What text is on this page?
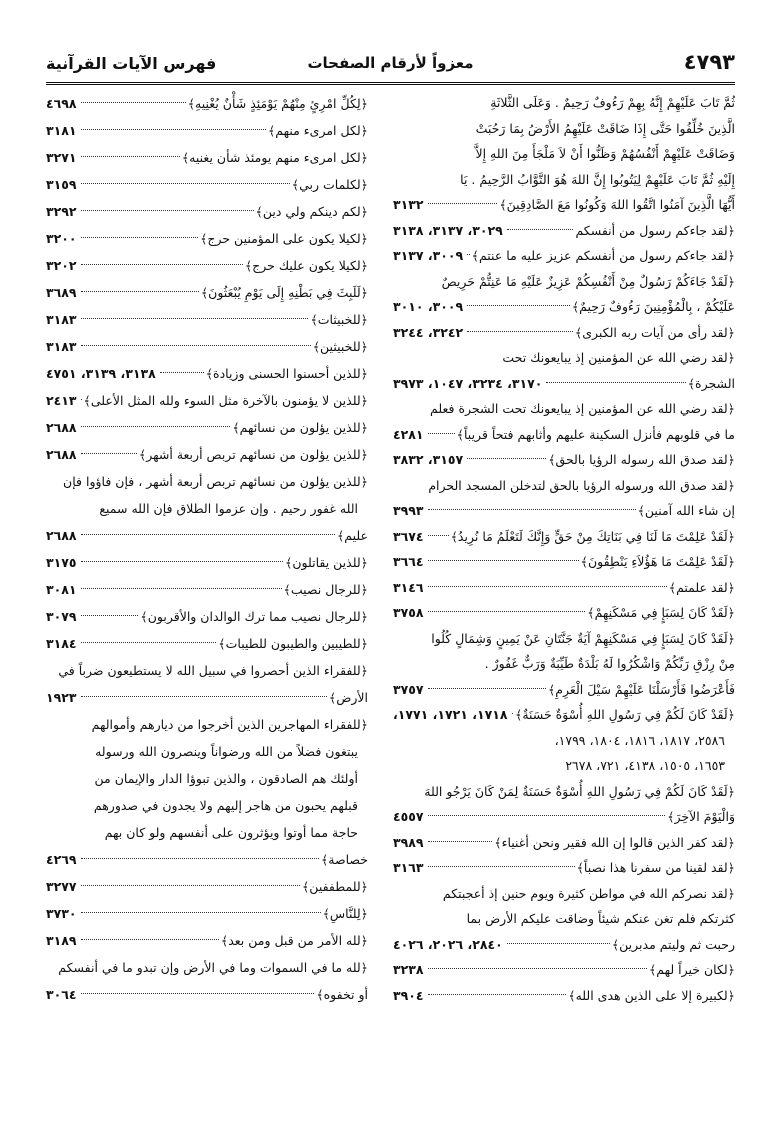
٤٧٩٣
معزواً لأرقام الصفحات
فهرس الآيات القرآنية
ثُمَّ تَابَ عَلَيْهِمْ إِنَّهُ بِهِمْ رَءُوفٌ رَحِيمٌ . وَعَلَى الثَّلاثَةِ
الَّذِينَ خُلِّفُوا حَتَّى إِذَا ضَاقَتْ عَلَيْهِمُ الأَرْضُ بِمَا رَحُبَتْ
وَضَاقَتْ عَلَيْهِمْ أَنْفُسُهُمْ وَظَنُّوا أَنْ لاَ مَلْجَأَ مِنَ اللهِ إِلاَّ
إِلَيْهِ ثُمَّ تَابَ عَلَيْهِمْ لِيَتُوبُوا إِنَّ اللهَ هُوَ التَّوَّابُ الرَّحِيمُ . يَا
أَيُّهَا الَّذِينَ آمَنُوا اتَّقُوا اللهَ وَكُونُوا مَعَ الصَّادِقِينَ﴾
٣١٣٢
﴿لقد جاءكم رسول من أنفسكم
٣٠٢٩، ٣١٣٧، ٣١٣٨
﴿لقد جاءكم رسول من أنفسكم عزيز عليه ما عنتم﴾
٣٠٠٩، ٣١٣٧
﴿لَقَدْ جَاءَكُمْ رَسُولٌ مِنْ أَنْفُسِكُمْ عَزِيزٌ عَلَيْهِ مَا عَنِتُّمْ حَرِيصٌ
عَلَيْكُمْ ، بِالْمُؤْمِنِينَ رَءُوفٌ رَحِيمٌ﴾
٣٠٠٩، ٣٠١٠
﴿لقد رأى من آيات ربه الكبرى﴾
٣٢٤٢، ٣٢٤٤
﴿لقد رضي الله عن المؤمنين إذ يبايعونك تحت
الشجرة﴾
٣١٧٠، ٣٢٣٤، ١٠٤٧، ٣٩٧٣
﴿لقد رضي الله عن المؤمنين إذ يبايعونك تحت الشجرة فعلم
ما في قلوبهم فأنزل السكينة عليهم وأثابهم فتحاً قريباً﴾
٤٢٨١
﴿لقد صدق الله رسوله الرؤيا بالحق﴾
٣١٥٧، ٣٨٣٢
﴿لقد صدق الله ورسوله الرؤيا بالحق لتدخلن المسجد الحرام
إن شاء الله آمنين﴾
٣٩٩٣
﴿لَقَدْ عَلِمْتَ مَا لَنَا فِي بَنَاتِكَ مِنْ حَقٍّ وَإِنَّكَ لَتَعْلَمُ مَا نُرِيدُ﴾
٣٦٧٤
﴿لَقَدْ عَلِمْتَ مَا هَؤُلاَءِ يَنْطِقُونَ﴾
٣٦٦٤
﴿لقد علمتم﴾
٣١٤٦
﴿لَقَدْ كَانَ لِسَبَإٍ فِي مَسْكَنِهِمْ﴾
٣٧٥٨
﴿لَقَدْ كَانَ لِسَبَإٍ فِي مَسْكَنِهِمْ آيَةٌ جَنَّتَانِ عَنْ يَمِينٍ وَشِمَالٍ كُلُوا
مِنْ رِزْقِ رَبِّكُمْ وَاشْكُرُوا لَهُ بَلْدَةٌ طَيِّبَةٌ وَرَبٌّ غَفُورٌ .
فَأَعْرَضُوا فَأَرْسَلْنَا عَلَيْهِمْ سَيْلَ الْعَرِمِ﴾
٣٧٥٧
﴿لَقَدْ كَانَ لَكُمْ فِي رَسُولِ اللهِ أُسْوَةٌ حَسَنَةٌ﴾
١٧١٨، ١٧٢١، ١٧٧١،
٢٥٨٦، ١٨١٧، ١٨١٦، ١٨٠٤، ١٧٩٩،
١٦٥٣، ١٥٠٥، ٤١٣٨، ٧٢١، ٢٦٧٨
﴿لَقَدْ كَانَ لَكُمْ فِي رَسُولِ اللهِ أُسْوَةٌ حَسَنَةٌ لِمَنْ كَانَ يَرْجُو اللهَ
وَالْيَوْمَ الآخِرَ﴾
٤٥٥٧
﴿لقد كفر الذين قالوا إن الله فقير ونحن أغنياء﴾
٣٩٨٩
﴿لقد لقينا من سفرنا هذا نصباً﴾
٣١٦٣
﴿لقد نصركم الله في مواطن كثيرة ويوم حنين إذ أعجبتكم
كثرتكم فلم تغن عنكم شيئاً وضاقت عليكم الأرض بما
رحبت ثم وليتم مدبرين﴾
٢٨٤٠، ٢٠٢٦، ٤٠٢٦
﴿لكان خيراً لهم﴾
٣٢٣٨
﴿لكبيرة إلا على الذين هدى الله﴾
٣٩٠٤
﴿لِكُلِّ امْرِئٍ مِنْهُمْ يَوْمَئِذٍ شَأْنٌ يُغْنِيهِ﴾
٤٦٩٨
﴿لكل امرىء منهم﴾
٣١٨١
﴿لكل امرىء منهم يومئذ شأن يغنيه﴾
٣٢٧١
﴿لكلمات ربي﴾
٣١٥٩
﴿لكم دينكم ولي دين﴾
٣٢٩٢
﴿لكيلا يكون على المؤمنين حرج﴾
٣٢٠٠
﴿لكيلا يكون عليك حرج﴾
٣٢٠٢
﴿لَلَبِثَ فِي بَطْنِهِ إِلَى يَوْمِ يُبْعَثُونَ﴾
٣٦٨٩
﴿للخبيثات﴾
٣١٨٣
﴿للخبيثين﴾
٣١٨٣
﴿للذين أحسنوا الحسنى وزيادة﴾
٣١٣٨، ٣١٣٩، ٤٧٥١
﴿للذين لا يؤمنون بالآخرة مثل السوء ولله المثل الأعلى﴾
٢٤١٣
﴿للذين يؤلون من نسائهم﴾
٢٦٨٨
﴿للذين يؤلون من نسائهم تربص أربعة أشهر﴾
٢٦٨٨
﴿للذين يؤلون من نسائهم تربص أربعة أشهر ، فإن فاؤوا فإن
الله غفور رحيم . وإن عزموا الطلاق فإن الله سميع
عليم﴾
٢٦٨٨
﴿للذين يقاتلون﴾
٣١٧٥
﴿للرجال نصيب﴾
٣٠٨١
﴿للرجال نصيب مما ترك الوالدان والأقربون﴾
٣٠٧٩
﴿للطيبين والطيبون للطيبات﴾
٣١٨٤
﴿للفقراء الذين أحصروا في سبيل الله لا يستطيعون ضرباً في
الأرض﴾
١٩٢٣
﴿للفقراء المهاجرين الذين أخرجوا من ديارهم وأموالهم
يبتغون فضلاً من الله ورضواناً وينصرون الله ورسوله
أولئك هم الصادقون ، والذين تبوؤا الدار والإيمان من
قبلهم يحبون من هاجر إليهم ولا يجدون في صدورهم
حاجة مما أوتوا ويؤثرون على أنفسهم ولو كان بهم
خصاصة﴾
٤٢٦٩
﴿للمطففين﴾
٣٢٧٧
﴿لِلنَّاسِ﴾
٣٧٣٠
﴿لله الأمر من قبل ومن بعد﴾
٣١٨٩
﴿لله ما في السموات وما في الأرض وإن تبدو ما في أنفسكم
أو تخفوه﴾
٣٠٦٤
